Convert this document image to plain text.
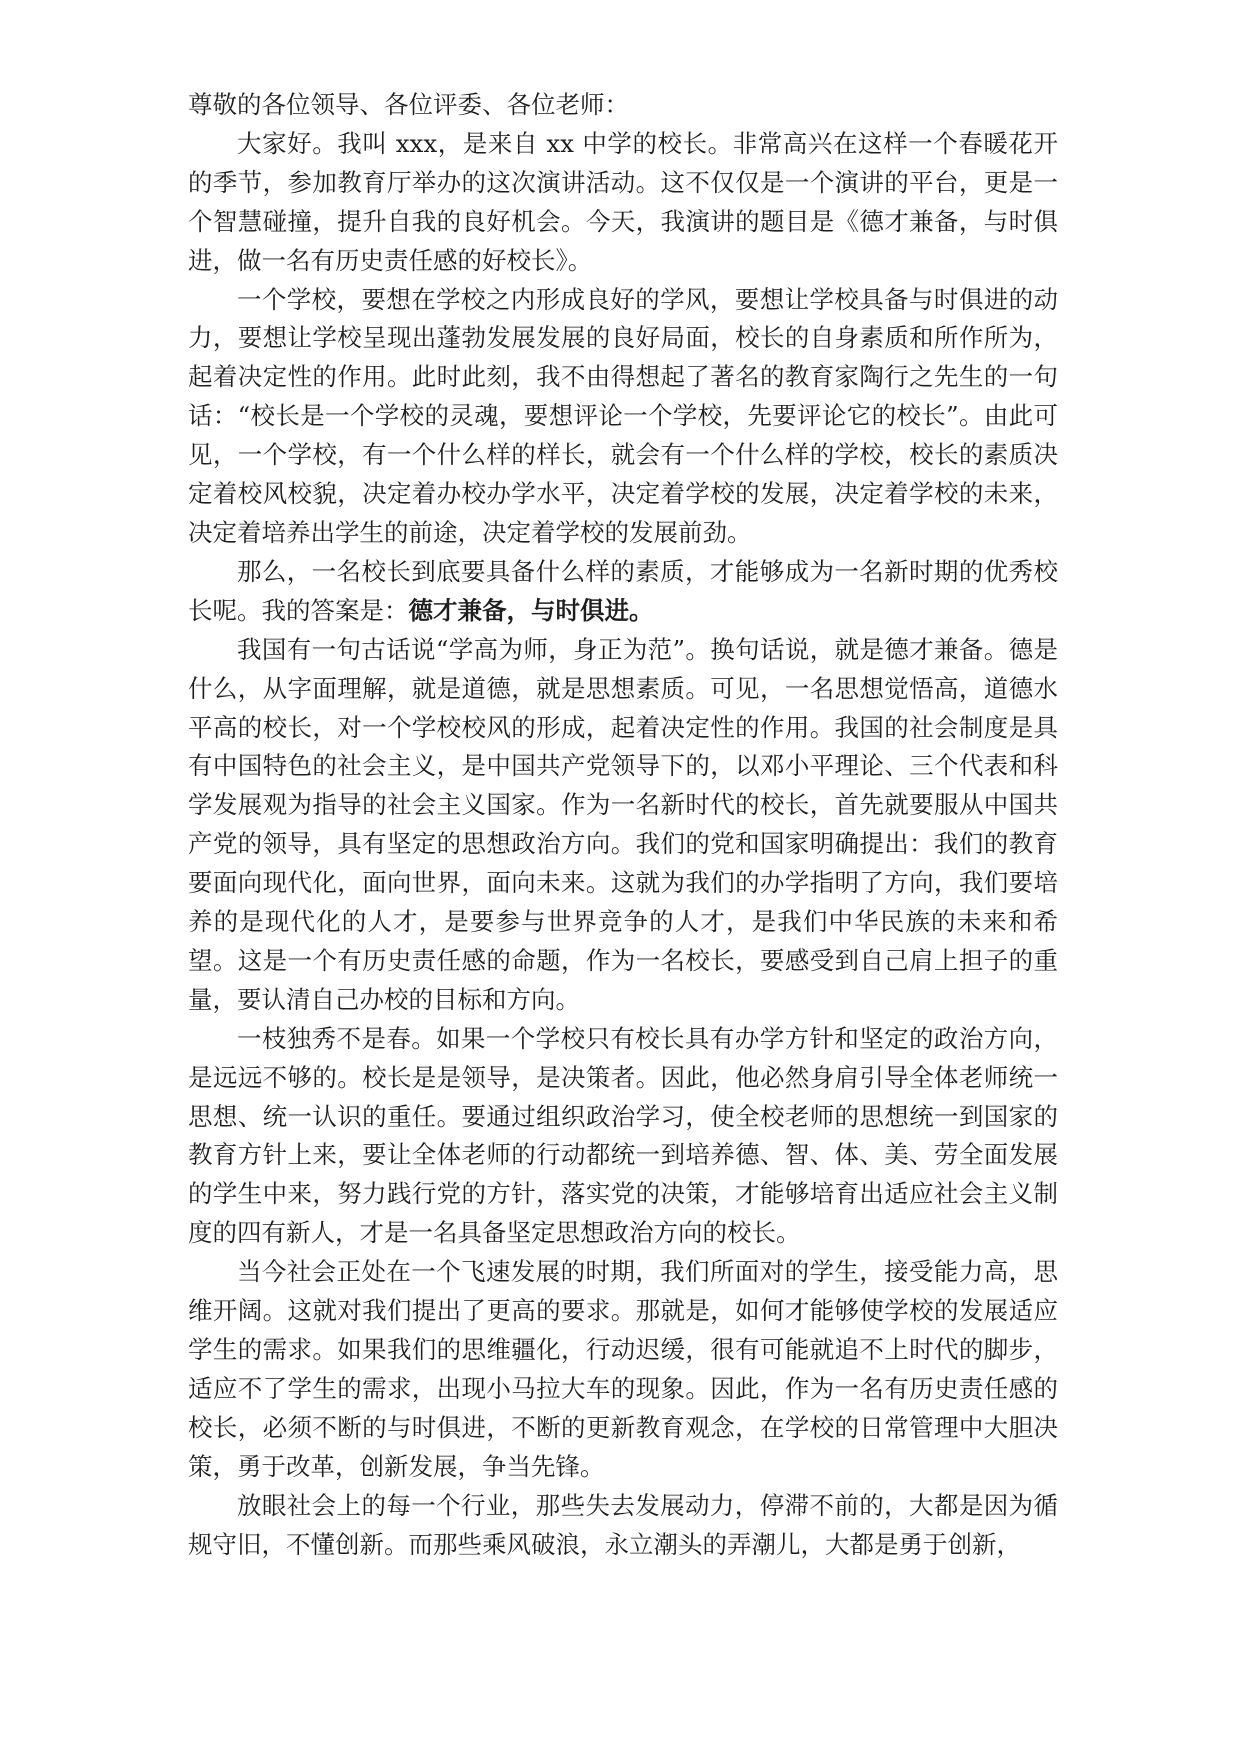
尊敬的各位领导、各位评委、各位老师：

大家好。我叫 xxx，是来自 xx 中学的校长。非常高兴在这样一个春暖花开的季节，参加教育厅举办的这次演讲活动。这不仅仅是一个演讲的平台，更是一个智慧碰撞，提升自我的良好机会。今天，我演讲的题目是《德才兼备，与时俱进，做一名有历史责任感的好校长》。

一个学校，要想在学校之内形成良好的学风，要想让学校具备与时俱进的动力，要想让学校呈现出蓬勃发展发展的良好局面，校长的自身素质和所作所为，起着决定性的作用。此时此刻，我不由得想起了著名的教育家陶行之先生的一句话：“校长是一个学校的灵魂，要想评论一个学校，先要评论它的校长”。由此可见，一个学校，有一个什么样的样长，就会有一个什么样的学校，校长的素质决定着校风校貌，决定着办校办学水平，决定着学校的发展，决定着学校的未来，决定着培养出学生的前途，决定着学校的发展前劲。

那么，一名校长到底要具备什么样的素质，才能够成为一名新时期的优秀校长呢。我的答案是：德才兼备，与时俱进。

我国有一句古话说“学高为师，身正为范”。换句话说，就是德才兼备。德是什么，从字面理解，就是道德，就是思想素质。可见，一名思想觉悟高，道德水平高的校长，对一个学校校风的形成，起着决定性的作用。我国的社会制度是具有中国特色的社会主义，是中国共产党领导下的，以邓小平理论、三个代表和科学发展观为指导的社会主义国家。作为一名新时代的校长，首先就要服从中国共产党的领导，具有坚定的思想政治方向。我们的党和国家明确提出：我们的教育要面向现代化，面向世界，面向未来。这就为我们的办学指明了方向，我们要培养的是现代化的人才，是要参与世界竞争的人才，是我们中华民族的未来和希望。这是一个有历史责任感的命题，作为一名校长，要感受到自己肩上担子的重量，要认清自己办校的目标和方向。

一枝独秀不是春。如果一个学校只有校长具有办学方针和坚定的政治方向，是远远不够的。校长是是领导，是决策者。因此，他必然身肩引导全体老师统一思想、统一认识的重任。要通过组织政治学习，使全校老师的思想统一到国家的教育方针上来，要让全体老师的行动都统一到培养德、智、体、美、劳全面发展的学生中来，努力践行党的方针，落实党的决策，才能够培育出适应社会主义制度的四有新人，才是一名具备坚定思想政治方向的校长。

当今社会正处在一个飞速发展的时期，我们所面对的学生，接受能力高，思维开阔。这就对我们提出了更高的要求。那就是，如何才能够使学校的发展适应学生的需求。如果我们的思维疆化，行动迟缓，很有可能就追不上时代的脚步，适应不了学生的需求，出现小马拉大车的现象。因此，作为一名有历史责任感的校长，必须不断的与时俱进，不断的更新教育观念，在学校的日常管理中大胆决策，勇于改革，创新发展，争当先锋。

放眼社会上的每一个行业，那些失去发展动力，停滞不前的，大都是因为循规守旧，不懂创新。而那些乘风破浪，永立潮头的弄潮儿，大都是勇于创新，
